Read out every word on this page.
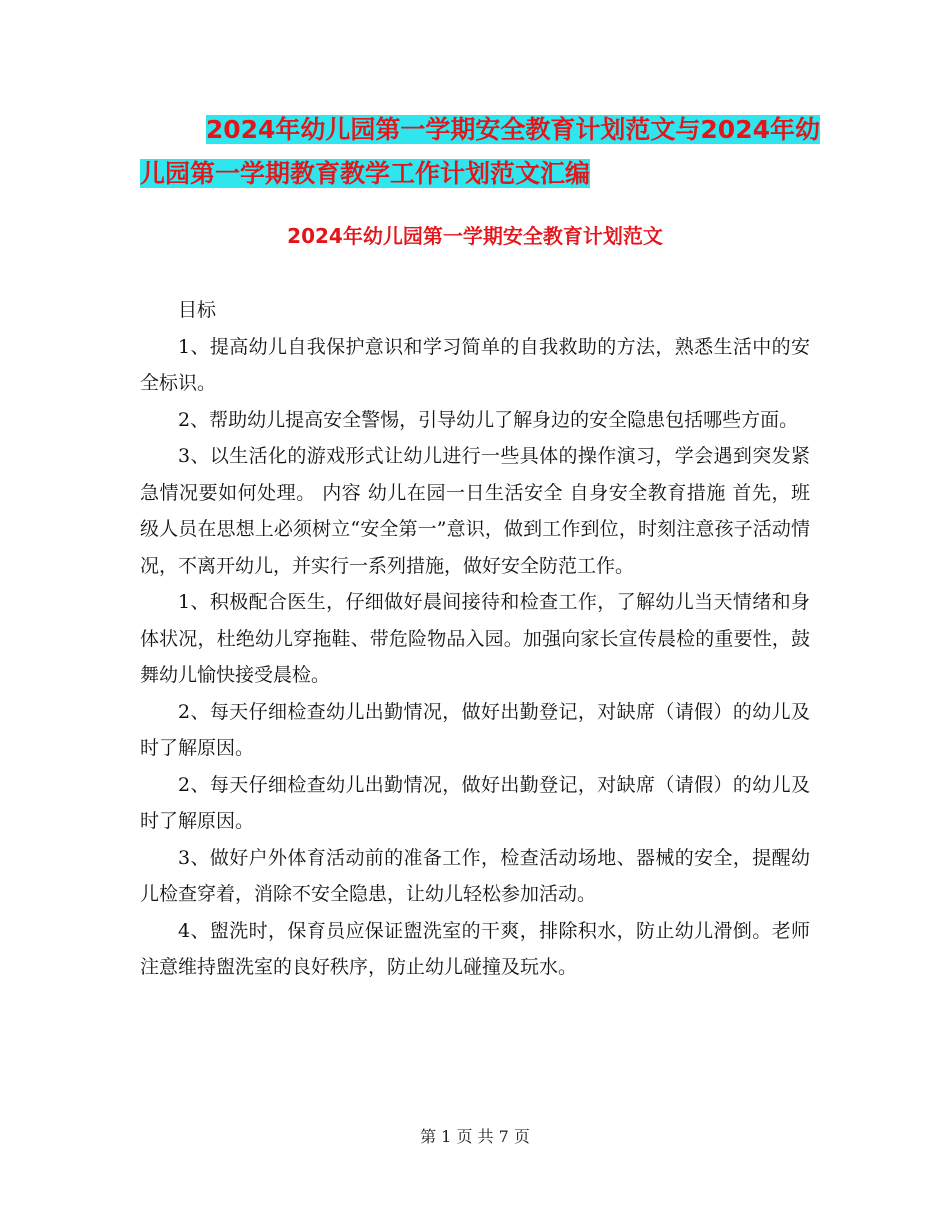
2024年幼儿园第一学期安全教育计划范文与2024年幼
儿园第一学期教育教学工作计划范文汇编
2024年幼儿园第一学期安全教育计划范文

目标

1、提高幼儿自我保护意识和学习简单的自我救助的方法，熟悉生活中的安全标识。

2、帮助幼儿提高安全警惕，引导幼儿了解身边的安全隐患包括哪些方面。

3、以生活化的游戏形式让幼儿进行一些具体的操作演习，学会遇到突发紧急情况要如何处理。 内容 幼儿在园一日生活安全 自身安全教育措施 首先，班级人员在思想上必须树立“安全第一”意识，做到工作到位，时刻注意孩子活动情况，不离开幼儿，并实行一系列措施，做好安全防范工作。

1、积极配合医生，仔细做好晨间接待和检查工作，了解幼儿当天情绪和身体状况，杜绝幼儿穿拖鞋、带危险物品入园。加强向家长宣传晨检的重要性，鼓舞幼儿愉快接受晨检。

2、每天仔细检查幼儿出勤情况，做好出勤登记，对缺席（请假）的幼儿及时了解原因。

2、每天仔细检查幼儿出勤情况，做好出勤登记，对缺席（请假）的幼儿及时了解原因。

3、做好户外体育活动前的准备工作，检查活动场地、器械的安全，提醒幼儿检查穿着，消除不安全隐患，让幼儿轻松参加活动。

4、盥洗时，保育员应保证盥洗室的干爽，排除积水，防止幼儿滑倒。老师注意维持盥洗室的良好秩序，防止幼儿碰撞及玩水。

第 1 页 共 7 页
